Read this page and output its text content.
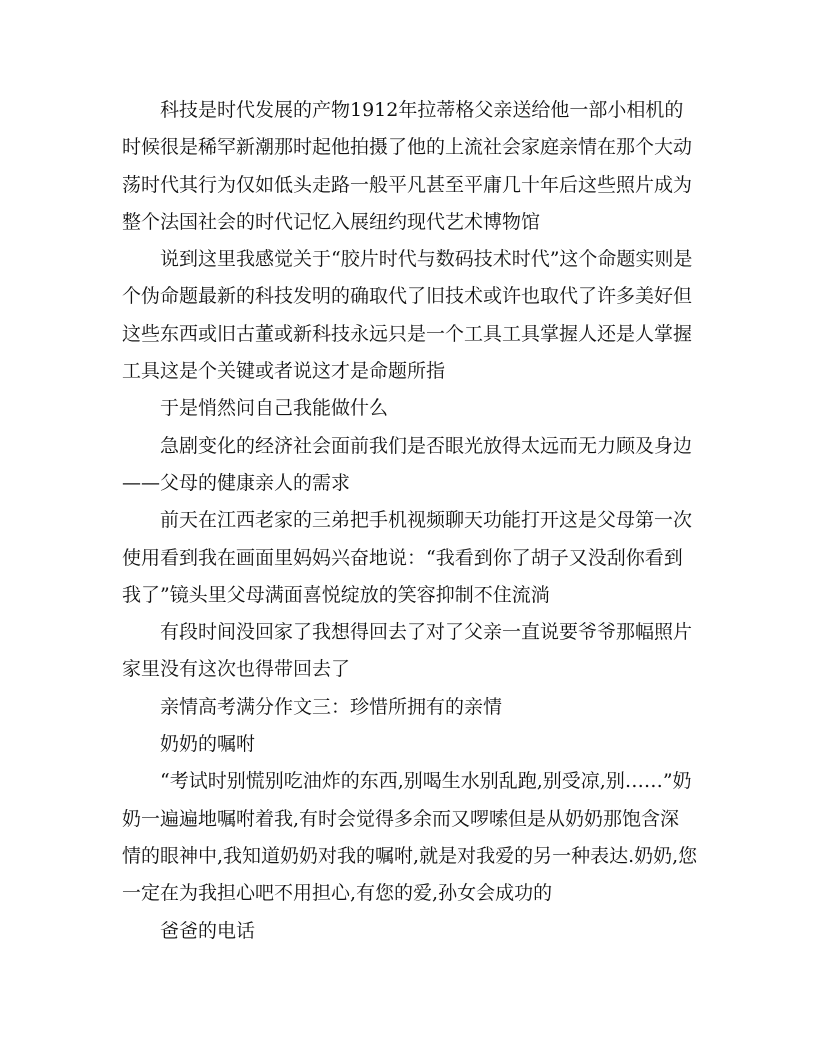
科技是时代发展的产物1912年拉蒂格父亲送给他一部小相机的时候很是稀罕新潮那时起他拍摄了他的上流社会家庭亲情在那个大动荡时代其行为仅如低头走路一般平凡甚至平庸几十年后这些照片成为整个法国社会的时代记忆入展纽约现代艺术博物馆

说到这里我感觉关于“胶片时代与数码技术时代”这个命题实则是个伪命题最新的科技发明的确取代了旧技术或许也取代了许多美好但这些东西或旧古董或新科技永远只是一个工具工具掌握人还是人掌握工具这是个关键或者说这才是命题所指

于是悄然问自己我能做什么

急剧变化的经济社会面前我们是否眼光放得太远而无力顾及身边——父母的健康亲人的需求

前天在江西老家的三弟把手机视频聊天功能打开这是父母第一次使用看到我在画面里妈妈兴奋地说：“我看到你了胡子又没刮你看到我了”镜头里父母满面喜悦绽放的笑容抑制不住流淌

有段时间没回家了我想得回去了对了父亲一直说要爷爷那幅照片家里没有这次也得带回去了

亲情高考满分作文三：珍惜所拥有的亲情

奶奶的嘱咐

“考试时别慌别吃油炸的东西,别喝生水别乱跑,别受凉,别……”奶奶一遍遍地嘱咐着我,有时会觉得多余而又啰嗦但是从奶奶那饱含深情的眼神中,我知道奶奶对我的嘱咐,就是对我爱的另一种表达.奶奶,您一定在为我担心吧不用担心,有您的爱,孙女会成功的

爸爸的电话
